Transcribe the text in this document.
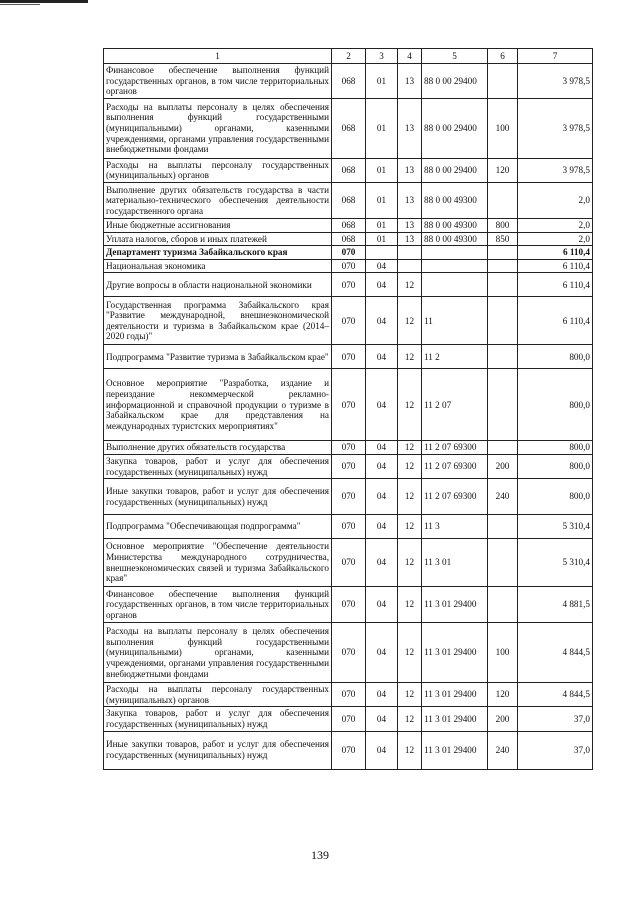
1	2	3	4	5	6	7
Финансовое обеспечение выполнения функций государственных органов, в том числе территориальных органов	068	01	13	88 0 00 29400		3 978,5
Расходы на выплаты персоналу в целях обеспечения выполнения функций государственными (муниципальными) органами, казенными учреждениями, органами управления государственными внебюджетными фондами	068	01	13	88 0 00 29400	100	3 978,5
Расходы на выплаты персоналу государственных (муниципальных) органов	068	01	13	88 0 00 29400	120	3 978,5
Выполнение других обязательств государства в части материально-технического обеспечения деятельности государственного органа	068	01	13	88 0 00 49300		2,0
Иные бюджетные ассигнования	068	01	13	88 0 00 49300	800	2,0
Уплата налогов, сборов и иных платежей	068	01	13	88 0 00 49300	850	2,0
Департамент туризма Забайкальского края	070					6 110,4
Национальная экономика	070	04				6 110,4
Другие вопросы в области национальной экономики	070	04	12			6 110,4
Государственная программа Забайкальского края "Развитие международной, внешнеэкономической деятельности и туризма в Забайкальском крае (2014–2020 годы)"	070	04	12	11		6 110,4
Подпрограмма "Развитие туризма в Забайкальском крае"	070	04	12	11 2		800,0
Основное мероприятие "Разработка, издание и переиздание некоммерческой рекламно-информационной и справочной продукции о туризме в Забайкальском крае для представления на международных туристских мероприятиях"	070	04	12	11 2 07		800,0
Выполнение других обязательств государства	070	04	12	11 2 07 69300		800,0
Закупка товаров, работ и услуг для обеспечения государственных (муниципальных) нужд	070	04	12	11 2 07 69300	200	800,0
Иные закупки товаров, работ и услуг для обеспечения государственных (муниципальных) нужд	070	04	12	11 2 07 69300	240	800,0
Подпрограмма "Обеспечивающая подпрограмма"	070	04	12	11 3		5 310,4
Основное мероприятие "Обеспечение деятельности Министерства международного сотрудничества, внешнеэкономических связей и туризма Забайкальского края"	070	04	12	11 3 01		5 310,4
Финансовое обеспечение выполнения функций государственных органов, в том числе территориальных органов	070	04	12	11 3 01 29400		4 881,5
Расходы на выплаты персоналу в целях обеспечения выполнения функций государственными (муниципальными) органами, казенными учреждениями, органами управления государственными внебюджетными фондами	070	04	12	11 3 01 29400	100	4 844,5
Расходы на выплаты персоналу государственных (муниципальных) органов	070	04	12	11 3 01 29400	120	4 844,5
Закупка товаров, работ и услуг для обеспечения государственных (муниципальных) нужд	070	04	12	11 3 01 29400	200	37,0
Иные закупки товаров, работ и услуг для обеспечения государственных (муниципальных) нужд	070	04	12	11 3 01 29400	240	37,0
139
